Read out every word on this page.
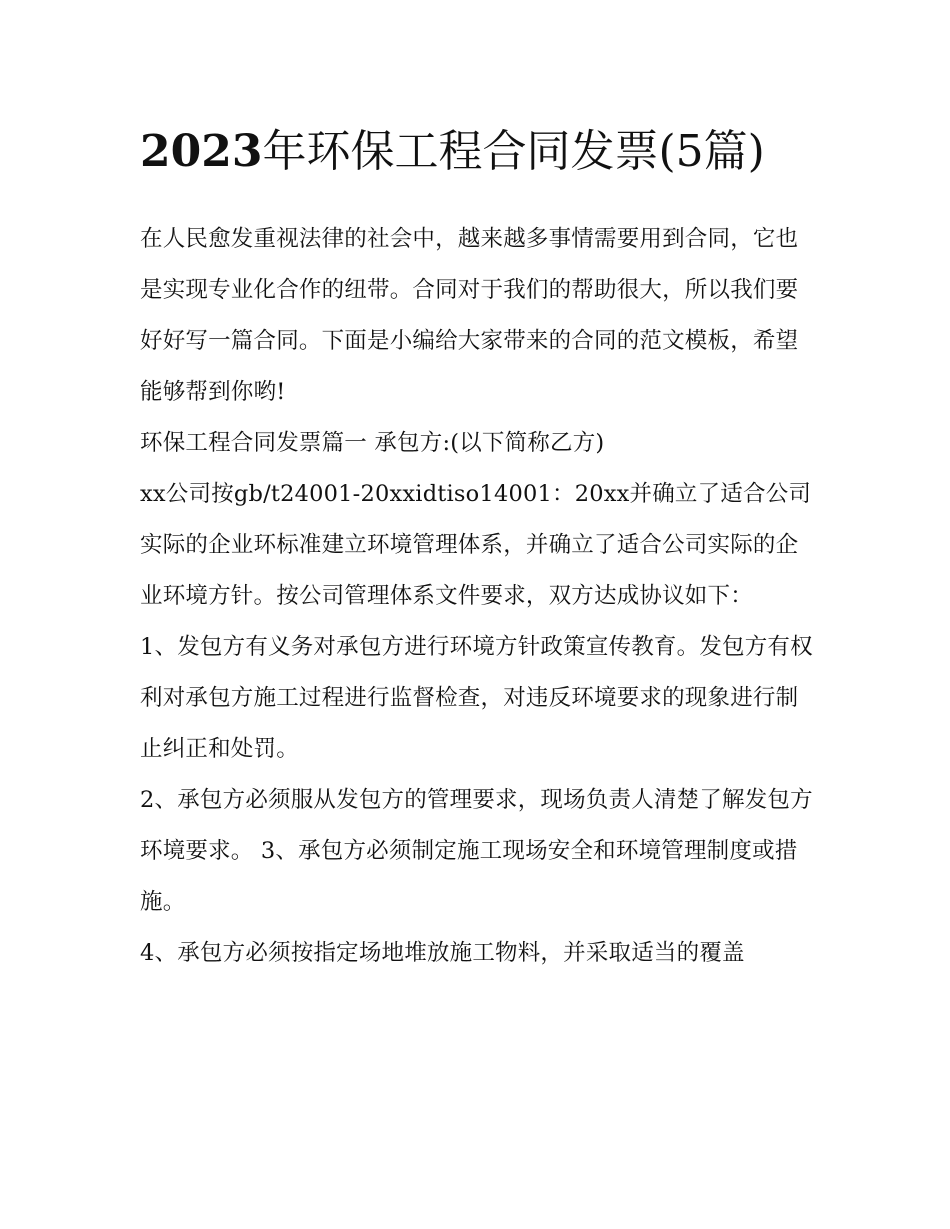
2023年环保工程合同发票(5篇)

在人民愈发重视法律的社会中，越来越多事情需要用到合同，它也是实现专业化合作的纽带。合同对于我们的帮助很大，所以我们要好好写一篇合同。下面是小编给大家带来的合同的范文模板，希望能够帮到你哟!

环保工程合同发票篇一 承包方:(以下简称乙方)

xx公司按gb/t24001-20xxidtiso14001：20xx并确立了适合公司实际的企业环标准建立环境管理体系，并确立了适合公司实际的企业环境方针。按公司管理体系文件要求，双方达成协议如下：

1、发包方有义务对承包方进行环境方针政策宣传教育。发包方有权利对承包方施工过程进行监督检查，对违反环境要求的现象进行制止纠正和处罚。

2、承包方必须服从发包方的管理要求，现场负责人清楚了解发包方环境要求。 3、承包方必须制定施工现场安全和环境管理制度或措施。

4、承包方必须按指定场地堆放施工物料，并采取适当的覆盖
